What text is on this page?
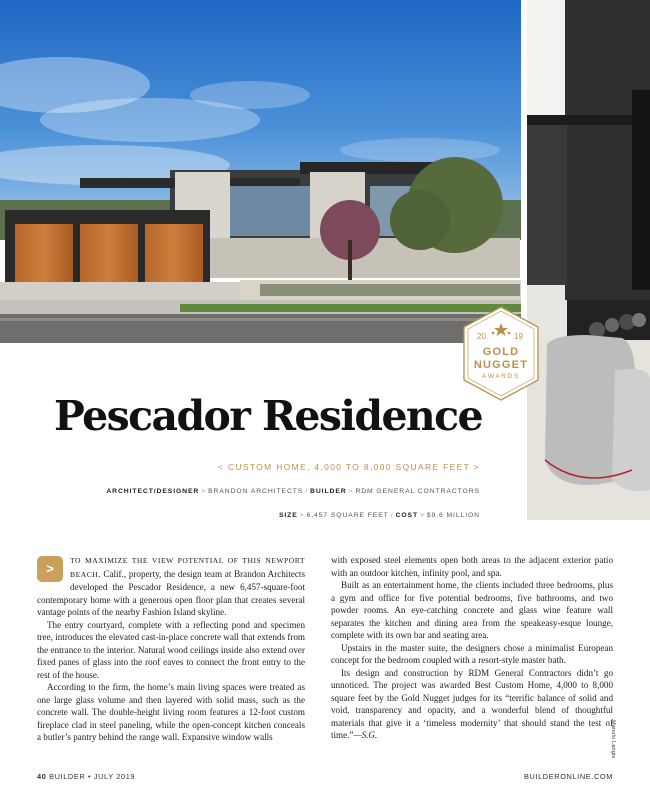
Manolo Langis
20	19
GOLD
NUGGET
AWARDS
Pescador Residence
< CUSTOM HOME, 4,000 TO 8,000 SQUARE FEET >
ARCHITECT/DESIGNER > BRANDON ARCHITECTS / BUILDER > RDM GENERAL CONTRACTORS
SIZE > 6,457 SQUARE FEET / COST > $9.6 MILLION

>
TO MAXIMIZE THE VIEW POTENTIAL OF THIS NEWPORT BEACH, Calif., property, the design team at Brandon Architects developed the Pescador Residence, a new 6,457-square-foot contemporary home with a generous open floor plan that creates several vantage points of the nearby Fashion Island skyline.

The entry courtyard, complete with a reflecting pond and specimen tree, introduces the elevated cast-in-place concrete wall that extends from the entrance to the interior. Natural wood ceilings inside also extend over fixed panes of glass into the roof eaves to connect the front entry to the rest of the house.

According to the firm, the home’s main living spaces were treated as one large glass volume and then layered with solid mass, such as the concrete wall. The double-height living room features a 12-foot custom fireplace clad in steel paneling, while the open-concept kitchen conceals a butler’s pantry behind the range wall. Expansive window walls

with exposed steel elements open both areas to the adjacent exterior patio with an outdoor kitchen, infinity pool, and spa.

Built as an entertainment home, the clients included three bedrooms, plus a gym and office for five potential bedrooms, five bathrooms, and two powder rooms. An eye-catching concrete and glass wine feature wall separates the kitchen and dining area from the speakeasy-esque lounge, complete with its own bar and seating area.

Upstairs in the master suite, the designers chose a minimalist European concept for the bedroom coupled with a resort-style master bath.

Its design and construction by RDM General Contractors didn’t go unnoticed. The project was awarded Best Custom Home, 4,000 to 8,000 square feet by the Gold Nugget judges for its “terrific balance of solid and void, transparency and opacity, and a wonderful blend of thoughtful materials that give it a ‘timeless modernity’ that should stand the test of time.”—S.G.

40 BUILDER • JULY 2019	BUILDERONLINE.COM
